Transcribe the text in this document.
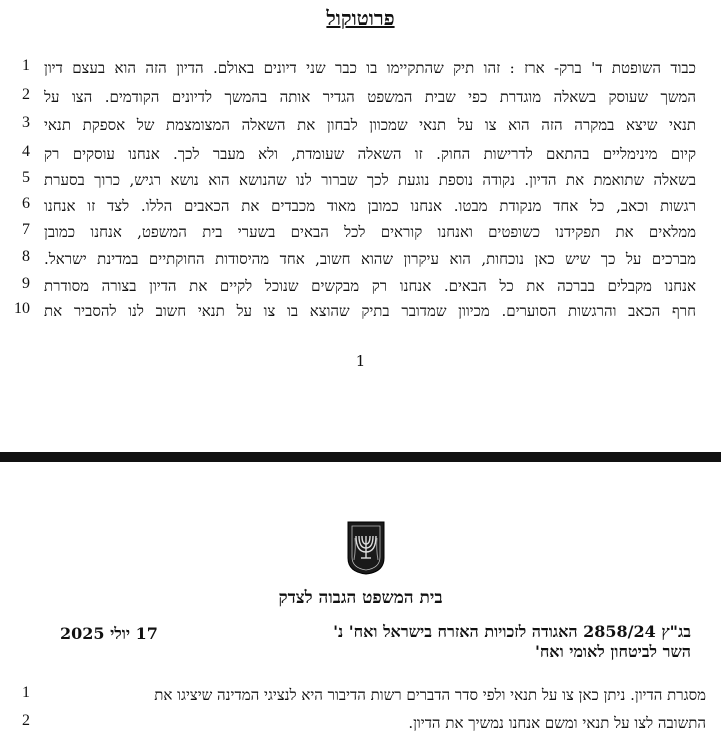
פרוטוקול
1 כבוד השופטת ד' ברק- ארז : זהו תיק שהתקיימו בו כבר שני דיונים באולם. הדיון הזה הוא בעצם דיון
2 המשך שעוסק בשאלה מוגדרת כפי שבית המשפט הגדיר אותה בהמשך לדיונים הקודמים. הצו על
3 תנאי שיצא במקרה הזה הוא צו על תנאי שמכוון לבחון את השאלה המצומצמת של אספקת תנאי
4 קיום מינימליים בהתאם לדרישות החוק. זו השאלה שעומדת, ולא מעבר לכך. אנחנו עוסקים רק
5 בשאלה שתואמת את הדיון. נקודה נוספת נוגעת לכך שברור לנו שהנושא הוא נושא רגיש, כרוך בסערת
6 רגשות וכאב, כל אחד מנקודת מבטו. אנחנו כמובן מאוד מכבדים את הכאבים הללו. לצד זו אנחנו
7 ממלאים את תפקידנו כשופטים ואנחנו קוראים לכל הבאים בשערי בית המשפט, אנחנו כמובן
8 מברכים על כך שיש כאן נוכחות, הוא עיקרון שהוא חשוב, אחד מהיסודות החוקתיים במדינת ישראל.
9 אנחנו מקבלים בברכה את כל הבאים. אנחנו רק מבקשים שנוכל לקיים את הדיון בצורה מסודרת
10 חרף הכאב והרגשות הסוערים. מכיוון שמדובר בתיק שהוצא בו צו על תנאי חשוב לנו להסביר את
1
בית המשפט הגבוה לצדק
בג"ץ 2858/24 האגודה לזכויות האזרח בישראל ואח' נ'
השר לביטחון לאומי ואח'
17 יולי 2025
1	מסגרת הדיון. ניתן כאן צו על תנאי ולפי סדר הדברים רשות הדיבור היא לנציגי המדינה שיציגו את
2	התשובה לצו על תנאי ומשם אנחנו נמשיך את הדיון.
